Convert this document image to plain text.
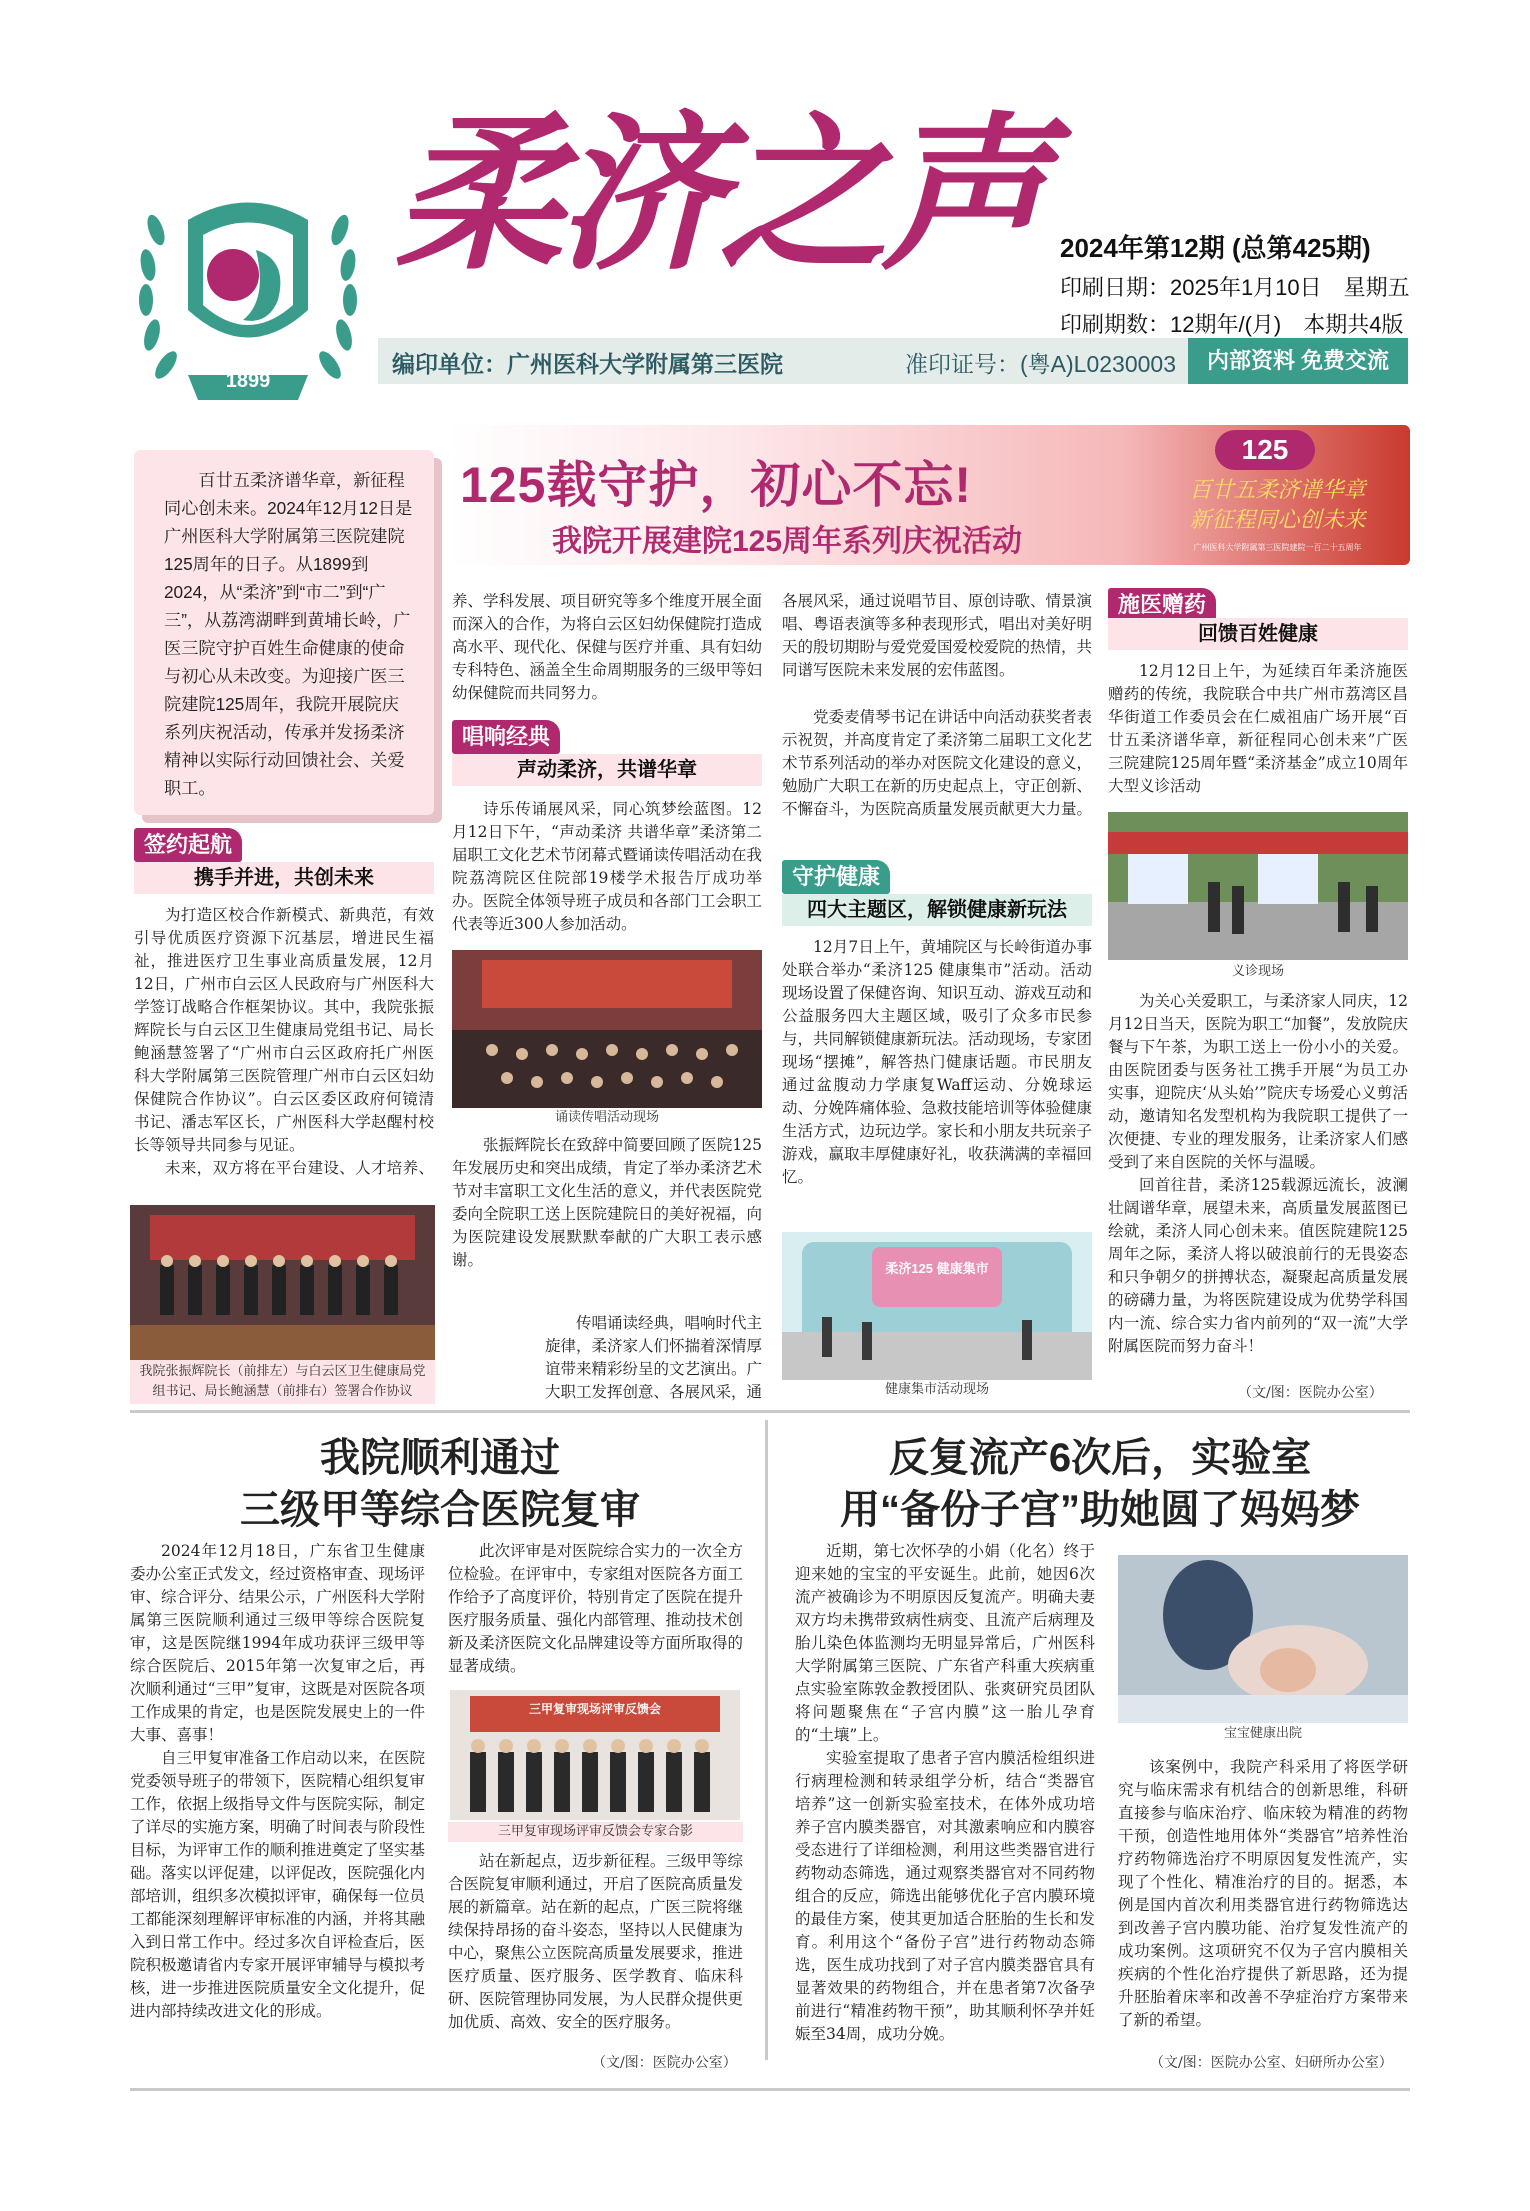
1899
柔济之声 2024年第12期 (总第425期)
印刷日期：2025年1月10日　星期五
印刷期数：12期年/(月)　本期共4版
编印单位：广州医科大学附属第三医院	准印证号：(粤A)L0230003	内部资料 免费交流
125载守护，初心不忘!
我院开展建院125周年系列庆祝活动
125
百廿五柔济谱华章
新征程同心创未来
广州医科大学附属第三医院建院一百二十五周年
百廿五柔济谱华章，新征程同心创未来。2024年12月12日是广州医科大学附属第三医院建院125周年的日子。从1899到2024，从“柔济”到“市二”到“广三”，从荔湾湖畔到黄埔长岭，广医三院守护百姓生命健康的使命与初心从未改变。为迎接广医三院建院125周年，我院开展院庆系列庆祝活动，传承并发扬柔济精神以实际行动回馈社会、关爱职工。
签约起航
携手并进，共创未来

为打造区校合作新模式、新典范，有效引导优质医疗资源下沉基层，增进民生福祉，推进医疗卫生事业高质量发展，12月12日，广州市白云区人民政府与广州医科大学签订战略合作框架协议。其中，我院张振辉院长与白云区卫生健康局党组书记、局长鲍涵慧签署了“广州市白云区政府托广州医科大学附属第三医院管理广州市白云区妇幼保健院合作协议”。白云区委区政府何镜清书记、潘志军区长，广州医科大学赵醒村校长等领导共同参与见证。

未来，双方将在平台建设、人才培养、

我院张振辉院长（前排左）与白云区卫生健康局党组书记、局长鲍涵慧（前排右）签署合作协议
养、学科发展、项目研究等多个维度开展全面而深入的合作，为将白云区妇幼保健院打造成高水平、现代化、保健与医疗并重、具有妇幼专科特色、涵盖全生命周期服务的三级甲等妇幼保健院而共同努力。
唱响经典
声动柔济，共谱华章

诗乐传诵展风采，同心筑梦绘蓝图。12月12日下午，“声动柔济 共谱华章”柔济第二届职工文化艺术节闭幕式暨诵读传唱活动在我院荔湾院区住院部19楼学术报告厅成功举办。医院全体领导班子成员和各部门工会职工代表等近300人参加活动。

诵读传唱活动现场

张振辉院长在致辞中简要回顾了医院125年发展历史和突出成绩，肯定了举办柔济艺术节对丰富职工文化生活的意义，并代表医院党委向全院职工送上医院建院日的美好祝福，向为医院建设发展默默奉献的广大职工表示感谢。

传唱诵读经典，唱响时代主旋律，柔济家人们怀揣着深情厚谊带来精彩纷呈的文艺演出。广大职工发挥创意、各展风采，通

各展风采，通过说唱节目、原创诗歌、情景演唱、粤语表演等多种表现形式，唱出对美好明天的殷切期盼与爱党爱国爱校爱院的热情，共同谱写医院未来发展的宏伟蓝图。

党委麦倩琴书记在讲话中向活动获奖者表示祝贺，并高度肯定了柔济第二届职工文化艺术节系列活动的举办对医院文化建设的意义，勉励广大职工在新的历史起点上，守正创新、不懈奋斗，为医院高质量发展贡献更大力量。

守护健康
四大主题区，解锁健康新玩法

12月7日上午，黄埔院区与长岭街道办事处联合举办“柔济125 健康集市”活动。活动现场设置了保健咨询、知识互动、游戏互动和公益服务四大主题区域，吸引了众多市民参与，共同解锁健康新玩法。活动现场，专家团现场“摆摊”，解答热门健康话题。市民朋友通过盆腹动力学康复Waff运动、分娩球运动、分娩阵痛体验、急救技能培训等体验健康生活方式，边玩边学。家长和小朋友共玩亲子游戏，赢取丰厚健康好礼，收获满满的幸福回忆。

柔济125 健康集市
健康集市活动现场
施医赠药
回馈百姓健康

12月12日上午，为延续百年柔济施医赠药的传统，我院联合中共广州市荔湾区昌华街道工作委员会在仁威祖庙广场开展“百廿五柔济谱华章，新征程同心创未来”广医三院建院125周年暨“柔济基金”成立10周年大型义诊活动

义诊现场

为关心关爱职工，与柔济家人同庆，12月12日当天，医院为职工“加餐”，发放院庆餐与下午茶，为职工送上一份小小的关爱。由医院团委与医务社工携手开展“为员工办实事，迎院庆‘从头始’”院庆专场爱心义剪活动，邀请知名发型机构为我院职工提供了一次便捷、专业的理发服务，让柔济家人们感受到了来自医院的关怀与温暖。

回首往昔，柔济125载源远流长，波澜壮阔谱华章，展望未来，高质量发展蓝图已绘就，柔济人同心创未来。值医院建院125周年之际，柔济人将以破浪前行的无畏姿态和只争朝夕的拼搏状态，凝聚起高质量发展的磅礴力量，为将医院建设成为优势学科国内一流、综合实力省内前列的“双一流”大学附属医院而努力奋斗！

（文/图：医院办公室）
我院顺利通过
三级甲等综合医院复审

2024年12月18日，广东省卫生健康委办公室正式发文，经过资格审查、现场评审、综合评分、结果公示，广州医科大学附属第三医院顺利通过三级甲等综合医院复审，这是医院继1994年成功获评三级甲等综合医院后、2015年第一次复审之后，再次顺利通过“三甲”复审，这既是对医院各项工作成果的肯定，也是医院发展史上的一件大事、喜事！

自三甲复审准备工作启动以来，在医院党委领导班子的带领下，医院精心组织复审工作，依据上级指导文件与医院实际，制定了详尽的实施方案，明确了时间表与阶段性目标，为评审工作的顺利推进奠定了坚实基础。落实以评促建，以评促改，医院强化内部培训，组织多次模拟评审，确保每一位员工都能深刻理解评审标准的内涵，并将其融入到日常工作中。经过多次自评检查后，医院积极邀请省内专家开展评审辅导与模拟考核，进一步推进医院质量安全文化提升，促进内部持续改进文化的形成。

此次评审是对医院综合实力的一次全方位检验。在评审中，专家组对医院各方面工作给予了高度评价，特别肯定了医院在提升医疗服务质量、强化内部管理、推动技术创新及柔济医院文化品牌建设等方面所取得的显著成绩。

三甲复审现场评审反馈会
三甲复审现场评审反馈会专家合影

站在新起点，迈步新征程。三级甲等综合医院复审顺利通过，开启了医院高质量发展的新篇章。站在新的起点，广医三院将继续保持昂扬的奋斗姿态，坚持以人民健康为中心，聚焦公立医院高质量发展要求，推进医疗质量、医疗服务、医学教育、临床科研、医院管理协同发展，为人民群众提供更加优质、高效、安全的医疗服务。

（文/图：医院办公室）
反复流产6次后，实验室
用“备份子宫”助她圆了妈妈梦

近期，第七次怀孕的小娟（化名）终于迎来她的宝宝的平安诞生。此前，她因6次流产被确诊为不明原因反复流产。明确夫妻双方均未携带致病性病变、且流产后病理及胎儿染色体监测均无明显异常后，广州医科大学附属第三医院、广东省产科重大疾病重点实验室陈敦金教授团队、张爽研究员团队将问题聚焦在“子宫内膜”这一胎儿孕育的“土壤”上。

实验室提取了患者子宫内膜活检组织进行病理检测和转录组学分析，结合“类器官培养”这一创新实验室技术，在体外成功培养子宫内膜类器官，对其激素响应和内膜容受态进行了详细检测，利用这些类器官进行药物动态筛选，通过观察类器官对不同药物组合的反应，筛选出能够优化子宫内膜环境的最佳方案，使其更加适合胚胎的生长和发育。利用这个“备份子宫”进行药物动态筛选，医生成功找到了对子宫内膜类器官具有显著效果的药物组合，并在患者第7次备孕前进行“精准药物干预”，助其顺利怀孕并妊娠至34周，成功分娩。

宝宝健康出院

该案例中，我院产科采用了将医学研究与临床需求有机结合的创新思维，科研直接参与临床治疗、临床较为精准的药物干预，创造性地用体外“类器官”培养性治疗药物筛选治疗不明原因复发性流产，实现了个性化、精准治疗的目的。据悉，本例是国内首次利用类器官进行药物筛选达到改善子宫内膜功能、治疗复发性流产的成功案例。这项研究不仅为子宫内膜相关疾病的个性化治疗提供了新思路，还为提升胚胎着床率和改善不孕症治疗方案带来了新的希望。

（文/图：医院办公室、妇研所办公室）
